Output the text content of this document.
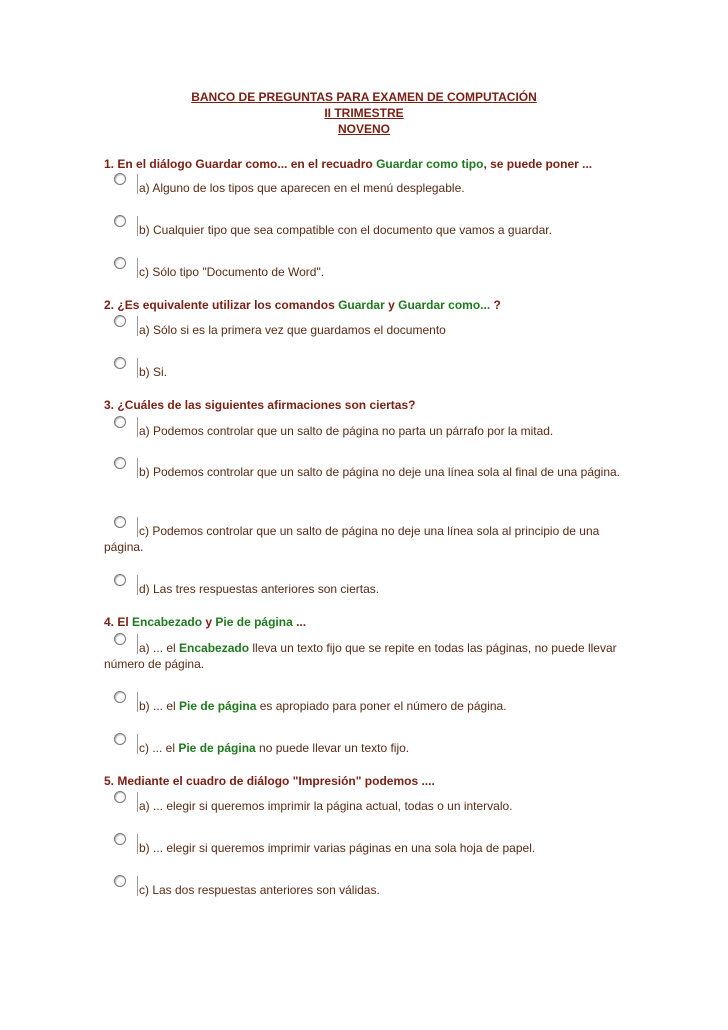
BANCO DE PREGUNTAS PARA EXAMEN DE COMPUTACIÓN
II TRIMESTRE
NOVENO
1. En el diálogo Guardar como... en el recuadro Guardar como tipo, se puede poner ...
a) Alguno de los tipos que aparecen en el menú desplegable.
b) Cualquier tipo que sea compatible con el documento que vamos a guardar.
c) Sólo tipo "Documento de Word".
2. ¿Es equivalente utilizar los comandos Guardar y Guardar como... ?
a) Sólo si es la primera vez que guardamos el documento
b) Si.
3. ¿Cuáles de las siguientes afirmaciones son ciertas?
a) Podemos controlar que un salto de página no parta un párrafo por la mitad.
b) Podemos controlar que un salto de página no deje una línea sola al final de una página.
c) Podemos controlar que un salto de página no deje una línea sola al principio de una página.
d) Las tres respuestas anteriores son ciertas.
4. El Encabezado y Pie de página ...
a) ... el Encabezado lleva un texto fijo que se repite en todas las páginas, no puede llevar número de página.
b) ... el Pie de página es apropiado para poner el número de página.
c) ... el Pie de página no puede llevar un texto fijo.
5. Mediante el cuadro de diálogo "Impresión" podemos ....
a) ... elegir si queremos imprimir la página actual, todas o un intervalo.
b) ... elegir si queremos imprimir varias páginas en una sola hoja de papel.
c) Las dos respuestas anteriores son válidas.
